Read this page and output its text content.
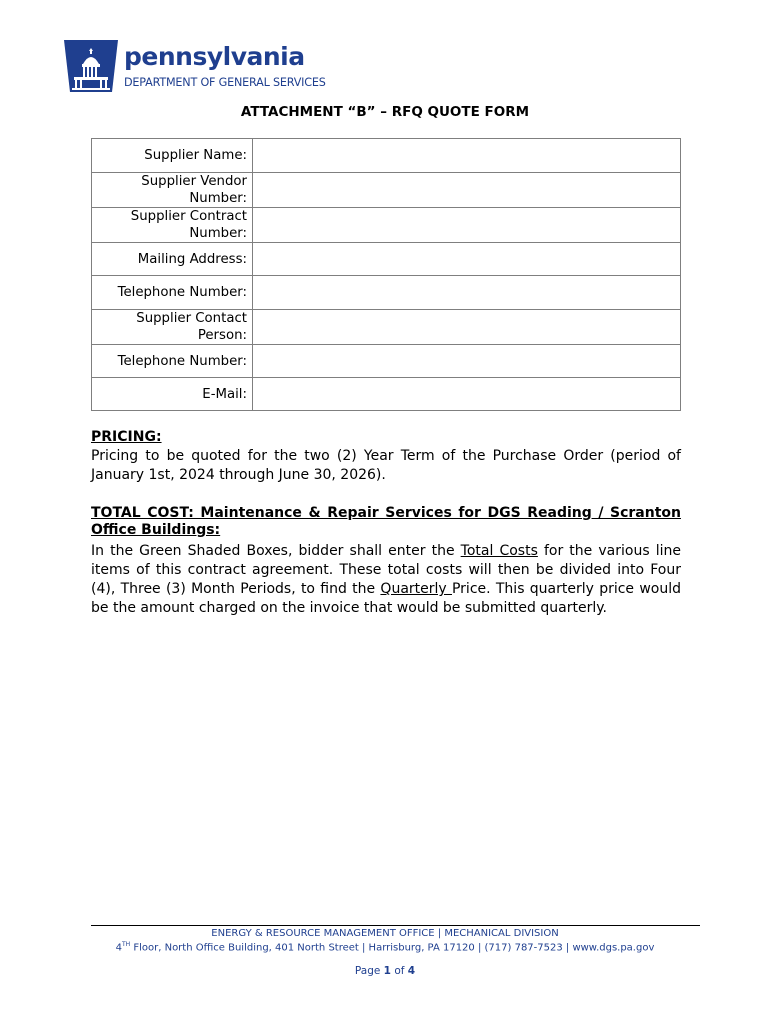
pennsylvania
DEPARTMENT OF GENERAL SERVICES
ATTACHMENT “B” – RFQ QUOTE FORM
Supplier Name:	
Supplier Vendor Number:	
Supplier Contract Number:	
Mailing Address:	
Telephone Number:	
Supplier Contact Person:	
Telephone Number:	
E-Mail:	
PRICING:
Pricing to be quoted for the two (2) Year Term of the Purchase Order (period of January 1st, 2024 through June 30, 2026).
TOTAL COST: Maintenance & Repair Services for DGS Reading / Scranton Office Buildings:
In the Green Shaded Boxes, bidder shall enter the Total Costs for the various line items of this contract agreement. These total costs will then be divided into Four (4), Three (3) Month Periods, to find the Quarterly Price. This quarterly price would be the amount charged on the invoice that would be submitted quarterly.
ENERGY & RESOURCE MANAGEMENT OFFICE | MECHANICAL DIVISION
4TH Floor, North Office Building, 401 North Street | Harrisburg, PA 17120 | (717) 787-7523 | www.dgs.pa.gov
Page 1 of 4
